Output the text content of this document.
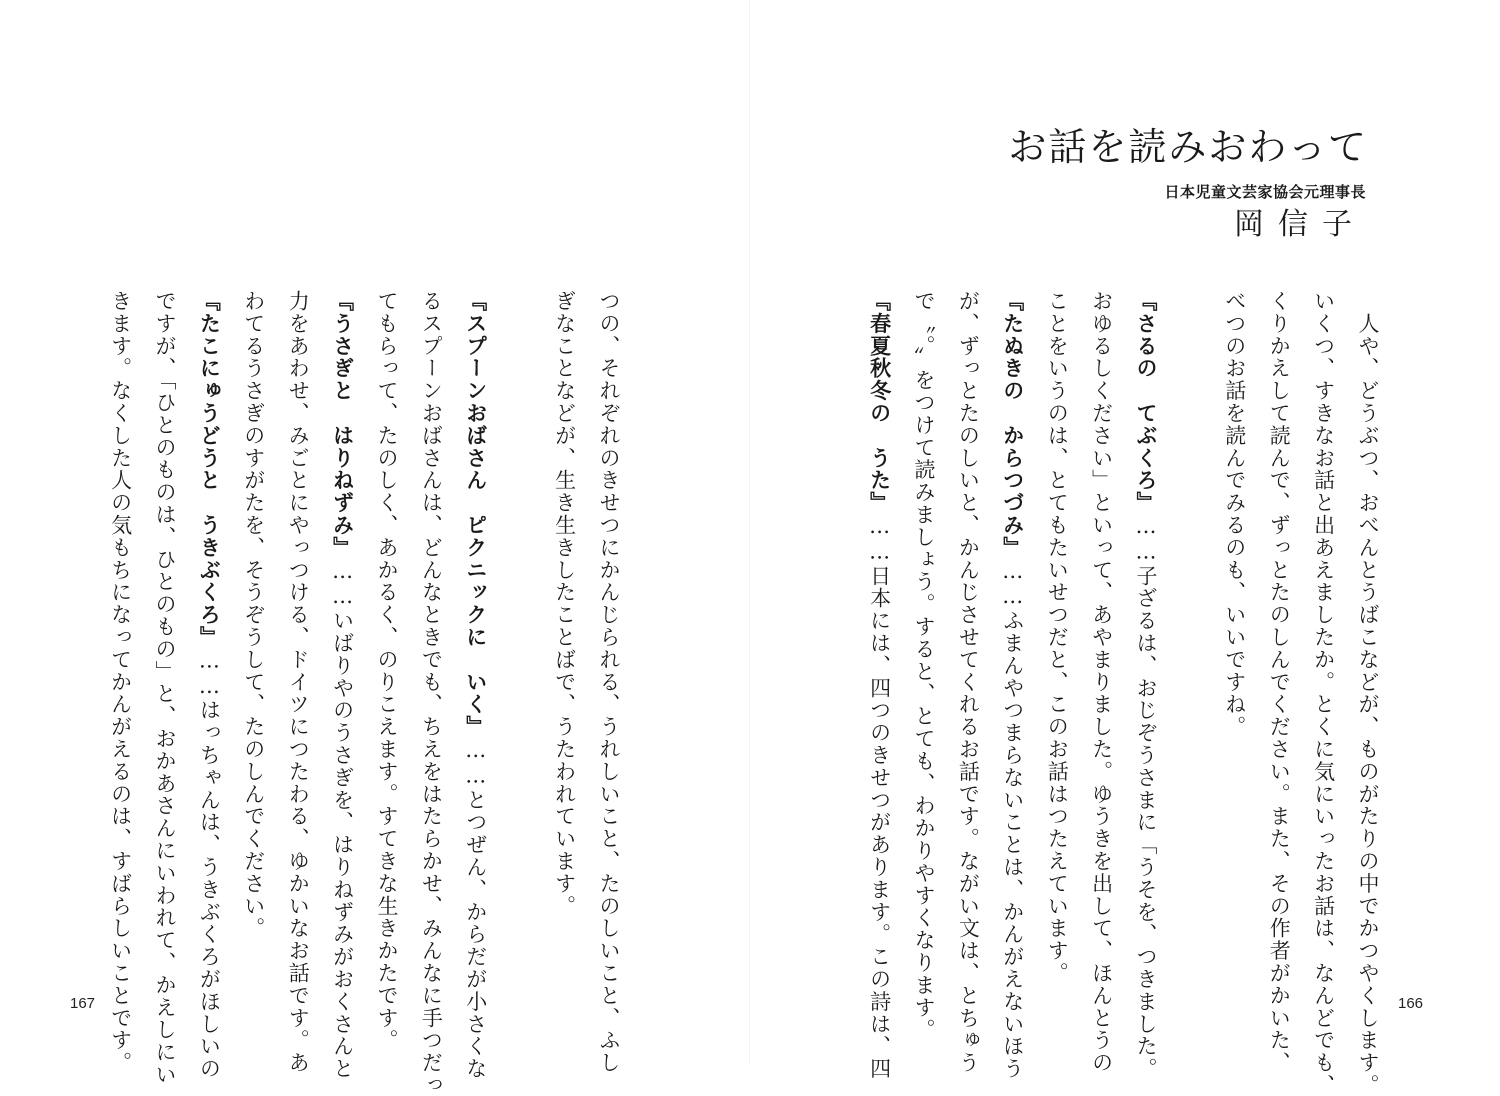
お話を読みおわって
日本児童文芸家協会元理事長
岡信子
　人や、どうぶつ、おべんとうばこなどが、ものがたりの中でかつやくします。
いくつ、すきなお話と出あえましたか。とくに気にいったお話は、なんどでも、
くりかえして読んで、ずっとたのしんでください。また、その作者がかいた、
べつのお話を読んでみるのも、いいですね。
『さるの　てぶくろ』……子ざるは、おじぞうさまに「うそを、つきました。
おゆるしください」といって、あやまりました。ゆうきを出して、ほんとうの
ことをいうのは、とてもたいせつだと、このお話はつたえています。
『たぬきの　からつづみ』……ふまんやつまらないことは、かんがえないほう
が、ずっとたのしいと、かんじさせてくれるお話です。ながい文は、とちゅう
で〝。〟をつけて読みましょう。すると、とても、わかりやすくなります。
『春夏秋冬の　うた』……日本には、四つのきせつがあります。この詩は、四
つの、それぞれのきせつにかんじられる、うれしいこと、たのしいこと、ふし
ぎなことなどが、生き生きしたことばで、うたわれています。
『スプーンおばさん　ピクニックに　いく』……とつぜん、からだが小さくな
るスプーンおばさんは、どんなときでも、ちえをはたらかせ、みんなに手つだっ
てもらって、たのしく、あかるく、のりこえます。すてきな生きかたです。
『うさぎと　はりねずみ』……いばりやのうさぎを、はりねずみがおくさんと
力をあわせ、みごとにやっつける、ドイツにつたわる、ゆかいなお話です。あ
わてるうさぎのすがたを、そうぞうして、たのしんでください。
『たこにゅうどうと　うきぶくろ』……はっちゃんは、うきぶくろがほしいの
ですが、「ひとのものは、ひとのもの」と、おかあさんにいわれて、かえしにい
きます。なくした人の気もちになってかんがえるのは、すばらしいことです。
167	166
